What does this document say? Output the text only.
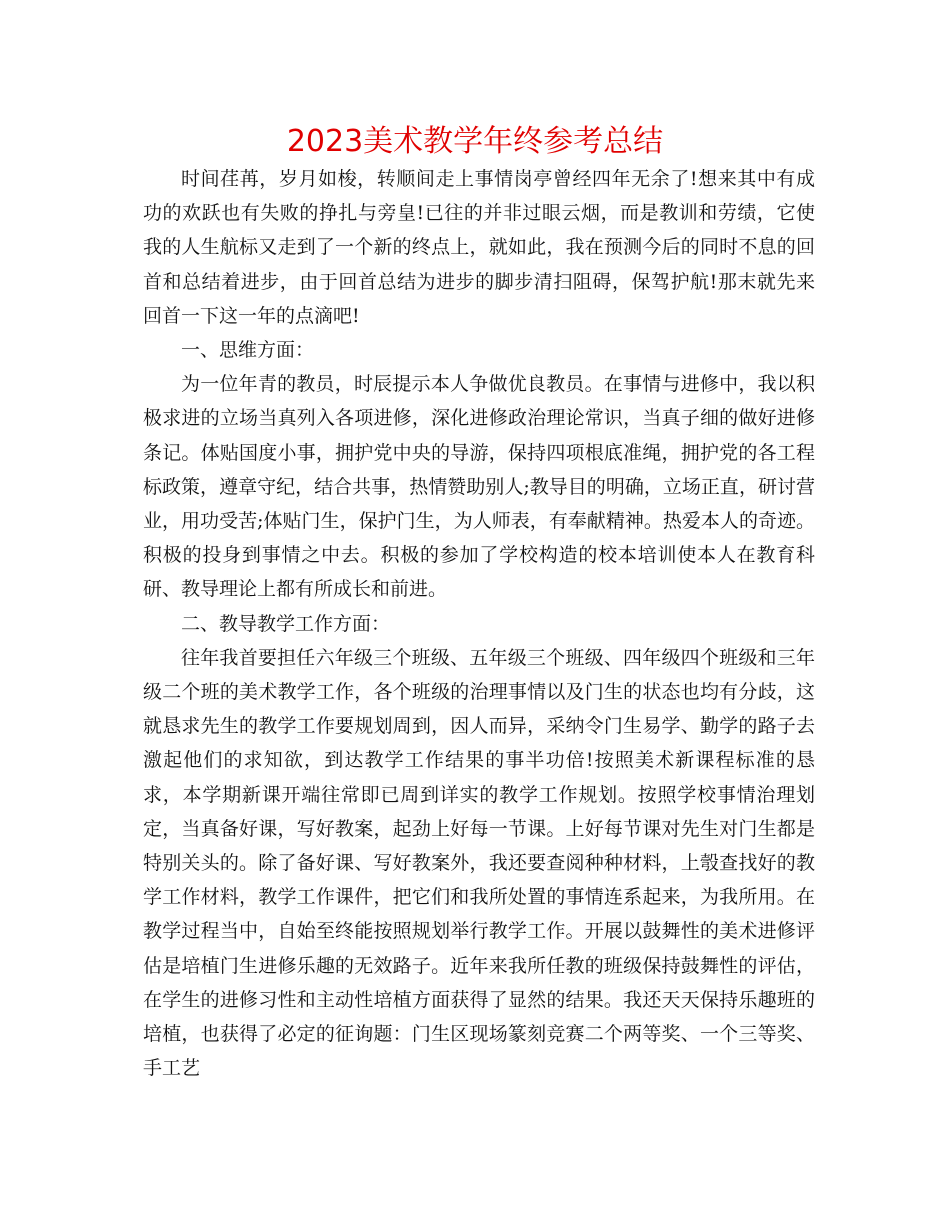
2023美术教学年终参考总结

时间荏苒，岁月如梭，转顺间走上事情岗亭曾经四年无余了!想来其中有成功的欢跃也有失败的挣扎与旁皇!已往的并非过眼云烟，而是教训和劳绩，它使我的人生航标又走到了一个新的终点上，就如此，我在预测今后的同时不息的回首和总结着进步，由于回首总结为进步的脚步清扫阻碍，保驾护航!那末就先来回首一下这一年的点滴吧!

一、思维方面：

为一位年青的教员，时辰提示本人争做优良教员。在事情与进修中，我以积极求进的立场当真列入各项进修，深化进修政治理论常识，当真子细的做好进修条记。体贴国度小事，拥护党中央的导游，保持四项根底准绳，拥护党的各工程标政策，遵章守纪，结合共事，热情赞助别人;教导目的明确，立场正直，研讨营业，用功受苦;体贴门生，保护门生，为人师表，有奉献精神。热爱本人的奇迹。积极的投身到事情之中去。积极的参加了学校构造的校本培训使本人在教育科研、教导理论上都有所成长和前进。

二、教导教学工作方面：

往年我首要担任六年级三个班级、五年级三个班级、四年级四个班级和三年级二个班的美术教学工作，各个班级的治理事情以及门生的状态也均有分歧，这就恳求先生的教学工作要规划周到，因人而异，采纳令门生易学、勤学的路子去激起他们的求知欲，到达教学工作结果的事半功倍!按照美术新课程标准的恳求，本学期新课开端往常即已周到详实的教学工作规划。按照学校事情治理划定，当真备好课，写好教案，起劲上好每一节课。上好每节课对先生对门生都是特别关头的。除了备好课、写好教案外，我还要查阅种种材料，上彀查找好的教学工作材料，教学工作课件，把它们和我所处置的事情连系起来，为我所用。在教学过程当中，自始至终能按照规划举行教学工作。开展以鼓舞性的美术进修评估是培植门生进修乐趣的无效路子。近年来我所任教的班级保持鼓舞性的评估，在学生的进修习性和主动性培植方面获得了显然的结果。我还天天保持乐趣班的培植，也获得了必定的征询题：门生区现场篆刻竞赛二个两等奖、一个三等奖、手工艺
